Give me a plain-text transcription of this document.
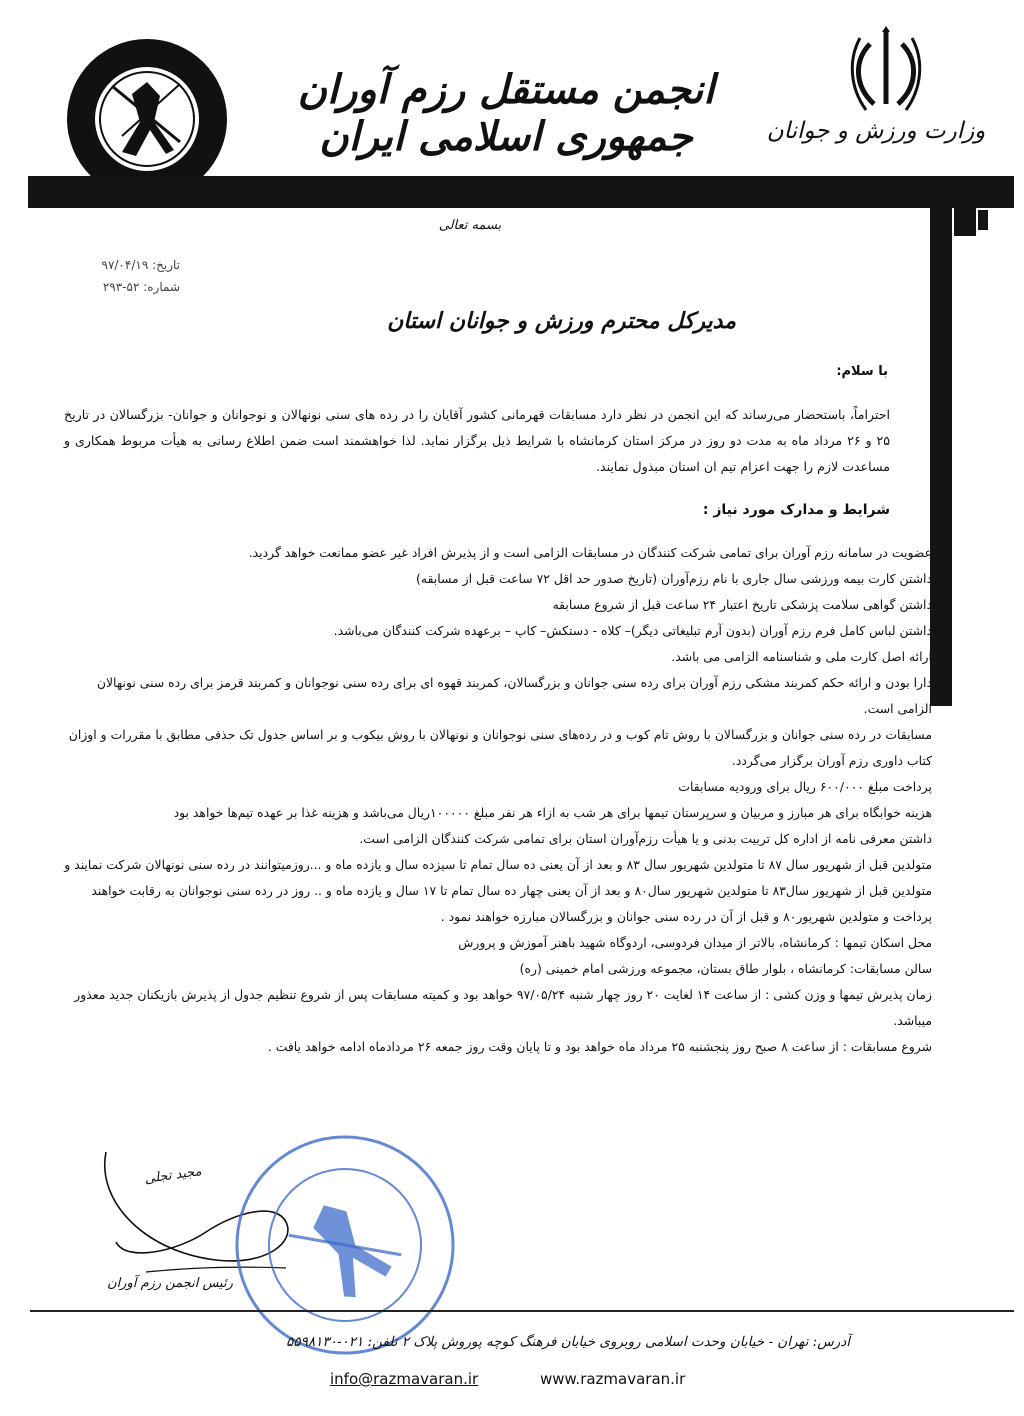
انجمن مستقل رزم آوران جمهوری اسلامی ایران	وزارت ورزش و جوانان
بسمه تعالی
تاریخ: ۹۷/۰۴/۱۹
شماره: ۵۲-۲۹۳
مدیرکل محترم ورزش و جوانان استان
با سلام:
احتراماً، باستحضار می‌رساند که این انجمن در نظر دارد مسابقات قهرمانی کشور آقایان را در رده های سنی نونهالان و نوجوانان و جوانان- بزرگسالان در تاریخ ۲۵ و ۲۶ مرداد ماه به مدت دو روز در مرکز استان کرمانشاه با شرایط ذیل برگزار نماید. لذا خواهشمند است ضمن اطلاع رسانی به هیأت مربوط همکاری و مساعدت لازم را جهت اعزام تیم ان استان مبذول نمایند.
شرایط و مدارک مورد نیاز :

عضویت در سامانه رزم آوران برای تمامی شرکت کنندگان در مسابقات الزامی است و از پذیرش افراد غیر عضو ممانعت خواهد گردید.

داشتن کارت بیمه ورزشی سال جاری با نام رزم‌آوران (تاریخ صدور حد اقل ۷۲ ساعت قبل از مسابقه)

داشتن گواهی سلامت پزشکی تاریخ اعتبار ۲۴ ساعت قبل از شروع مسابقه

داشتن لباس کامل فرم رزم آوران (بدون آرم تبلیغاتی دیگر)– کلاه - دستکش– کاپ – برعهده شرکت کنندگان می‌باشد.

ارائه اصل کارت ملی و شناسنامه الزامی می باشد.

دارا بودن و ارائه حکم کمربند مشکی رزم آوران برای رده سنی جوانان و بزرگسالان، کمربند قهوه ای برای رده سنی نوجوانان و کمربند قرمز برای رده سنی نونهالان الزامی است.

مسابقات در رده سنی جوانان و بزرگسالان با روش تام کوب و در رده‌های سنی نوجوانان و نونهالان با روش بیکوب و بر اساس جدول تک حذفی مطابق با مقررات و اوزان کتاب داوری رزم آوران برگزار می‌گردد.

پرداخت مبلغ ۶۰۰/۰۰۰ ریال برای ورودیه مسابقات

هزینه خوابگاه برای هر مبارز و مربیان و سرپرستان تیمها برای هر شب به ازاء هر نفر مبلغ ۱۰۰۰۰۰ریال می‌باشد و هزینه غذا بر عهده تیم‌ها خواهد بود

داشتن معرفی نامه از اداره کل تربیت بدنی و یا هیأت رزم‌آوران استان برای تمامی شرکت کنندگان الزامی است.

متولدین قبل از شهریور سال ۸۷ تا متولدین شهریور سال ۸۳ و بعد از آن یعنی ده سال تمام تا سیزده سال و یازده ماه و ...روزمیتوانند در رده سنی نونهالان شرکت نمایند و متولدین قبل از شهریور سال۸۳ تا متولدین شهریور سال۸۰ و بعد از آن یعنی چهار ده سال تمام تا ۱۷ سال و یازده ماه و .. روز در رده سنی نوجوانان به رقابت خواهند پرداخت و متولدین شهریور۸۰ و قبل از آن در رده سنی جوانان و بزرگسالان مبارزه خواهند نمود .

محل اسکان تیمها : کرمانشاه، بالاتر از میدان فردوسی، اردوگاه شهید باهنر آموزش و پرورش

سالن مسابقات: کرمانشاه ، بلوار طاق بستان، مجموعه ورزشی امام خمینی (ره)

زمان پذیرش تیمها و وزن کشی : از ساعت ۱۴ لغایت ۲۰ روز چهار شنبه ۹۷/۰۵/۲۴ خواهد بود و کمیته مسابقات پس از شروع تنظیم جدول از پذیرش بازیکنان جدید معذور میباشد.

شروع مسابقات : از ساعت ۸ صبح روز پنجشنبه ۲۵ مرداد ماه خواهد بود و تا پایان وقت روز جمعه ۲۶ مردادماه ادامه خواهد یافت .

مجید تجلی
رئیس انجمن رزم آوران
آدرس: تهران - خیابان وحدت اسلامی روبروی خیابان فرهنگ کوچه پوروش پلاک ۲ تلفن: ۰۲۱-۵۵۹۸۱۳۰
info@razmavaran.ir	www.razmavaran.ir
